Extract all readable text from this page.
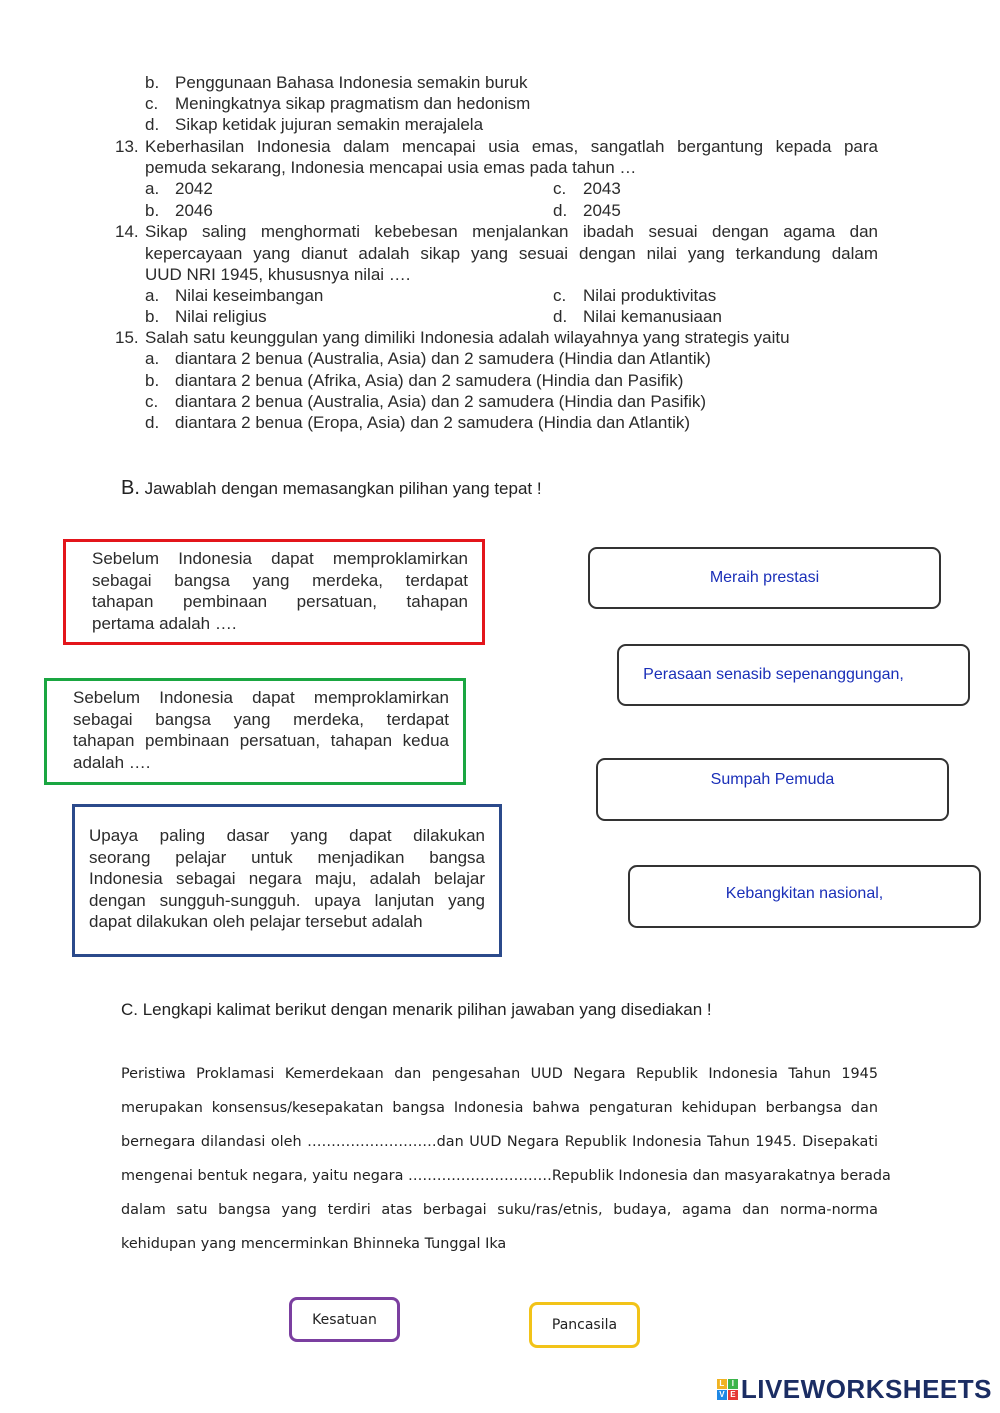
b. Penggunaan Bahasa Indonesia semakin buruk
c. Meningkatnya sikap pragmatism dan hedonism
d. Sikap ketidak jujuran semakin merajalela
13. Keberhasilan Indonesia dalam mencapai usia emas, sangatlah bergantung kepada para
pemuda sekarang, Indonesia mencapai usia emas pada tahun …
a. 2042	c. 2043
b. 2046	d. 2045
14. Sikap saling menghormati kebebesan menjalankan ibadah sesuai dengan agama dan
kepercayaan yang dianut adalah sikap yang sesuai dengan nilai yang terkandung dalam
UUD NRI 1945, khususnya nilai ….
a. Nilai keseimbangan	c. Nilai produktivitas
b. Nilai religius	d. Nilai kemanusiaan
15. Salah satu keunggulan yang dimiliki Indonesia adalah wilayahnya yang strategis yaitu
a. diantara 2 benua (Australia, Asia) dan 2 samudera (Hindia dan Atlantik)
b. diantara 2 benua (Afrika, Asia) dan 2 samudera (Hindia dan Pasifik)
c. diantara 2 benua (Australia, Asia) dan 2 samudera (Hindia dan Pasifik)
d. diantara 2 benua (Eropa, Asia) dan 2 samudera (Hindia dan Atlantik)
B. Jawablah dengan memasangkan pilihan yang tepat !

Sebelum Indonesia dapat memproklamirkan
sebagai bangsa yang merdeka, terdapat
tahapan pembinaan persatuan, tahapan
pertama adalah ….

Sebelum Indonesia dapat memproklamirkan
sebagai bangsa yang merdeka, terdapat
tahapan pembinaan persatuan, tahapan kedua
adalah ….

Upaya paling dasar yang dapat dilakukan
seorang pelajar untuk menjadikan bangsa
Indonesia sebagai negara maju, adalah belajar
dengan sungguh-sungguh. upaya lanjutan yang
dapat dilakukan oleh pelajar tersebut adalah

Meraih prestasi
Perasaan senasib sepenanggungan,
Sumpah Pemuda
Kebangkitan nasional,
C. Lengkapi kalimat berikut dengan menarik pilihan jawaban yang disediakan !
Peristiwa Proklamasi Kemerdekaan dan pengesahan UUD Negara Republik Indonesia Tahun 1945
merupakan konsensus/kesepakatan bangsa Indonesia bahwa pengaturan kehidupan berbangsa dan
bernegara dilandasi oleh ………………………dan UUD Negara Republik Indonesia Tahun 1945. Disepakati
mengenai bentuk negara, yaitu negara …………………………Republik Indonesia dan masyarakatnya berada
dalam satu bangsa yang terdiri atas berbagai suku/ras/etnis, budaya, agama dan norma-norma
kehidupan yang mencerminkan Bhinneka Tunggal Ika
Kesatuan	Pancasila
L I
V E LIVEWORKSHEETS
